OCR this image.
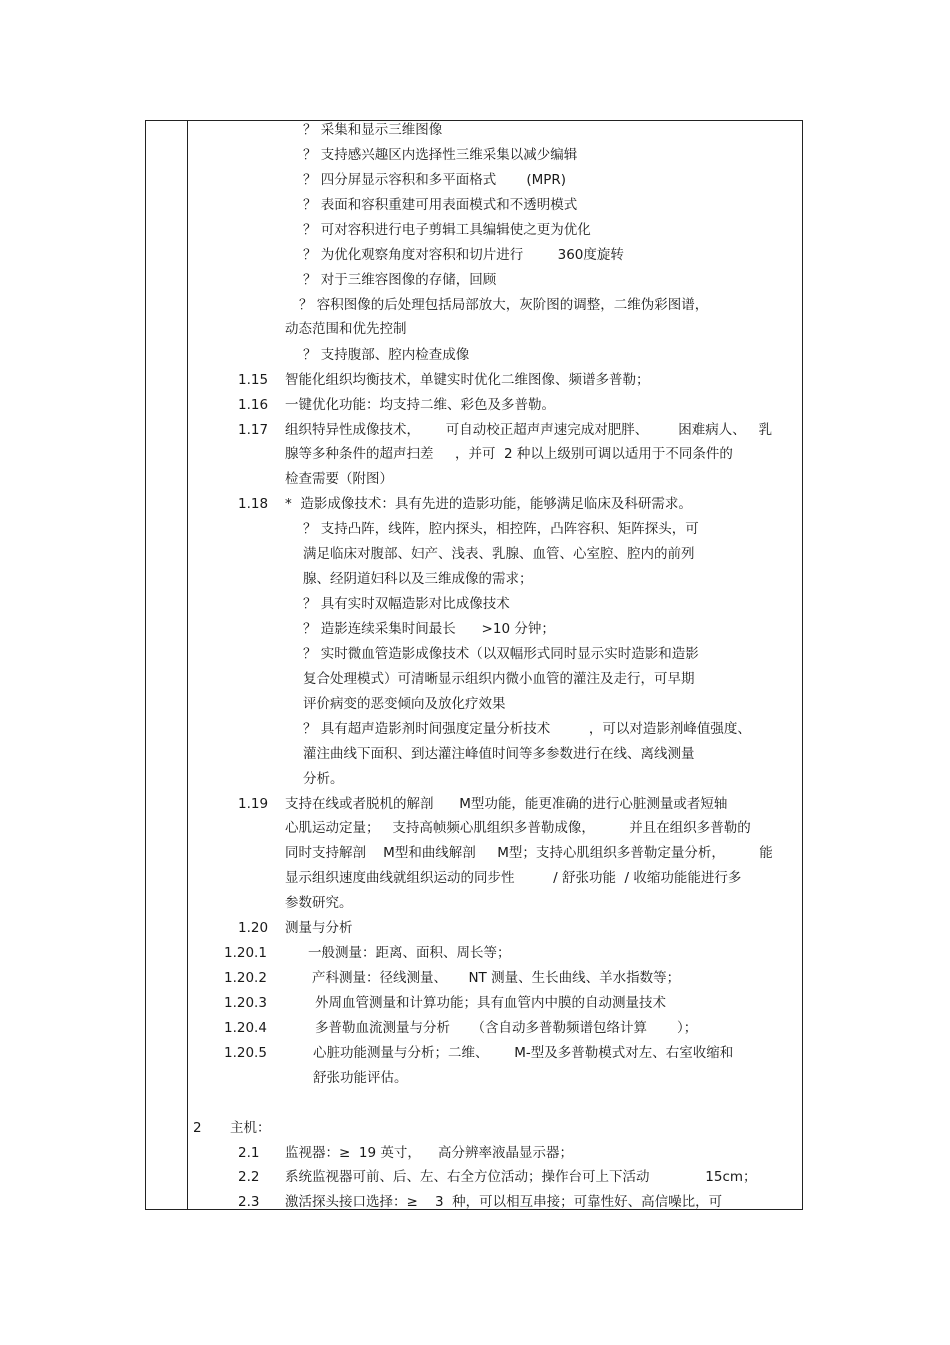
？ 采集和显示三维图像
？ 支持感兴趣区内选择性三维采集以减少编辑
？ 四分屏显示容积和多平面格式       (MPR)
？ 表面和容积重建可用表面模式和不透明模式
？ 可对容积进行电子剪辑工具编辑使之更为优化
？ 为优化观察角度对容积和切片进行        360度旋转
？ 对于三维容图像的存储，回顾
？ 容积图像的后处理包括局部放大，灰阶图的调整，二维伪彩图谱，
动态范围和优先控制
？ 支持腹部、腔内检查成像
智能化组织均衡技术，单键实时优化二维图像、频谱多普勒；
一键优化功能：均支持二维、彩色及多普勒。
组织特异性成像技术，      可自动校正超声声速完成对肥胖、       困难病人、   乳
腺等多种条件的超声扫差     ，并可  2 种以上级别可调以适用于不同条件的
检查需要（附图）
*  造影成像技术：具有先进的造影功能，能够满足临床及科研需求。
？ 支持凸阵，线阵，腔内探头，相控阵，凸阵容积、矩阵探头，可
满足临床对腹部、妇产、浅表、乳腺、血管、心室腔、腔内的前列
腺、经阴道妇科以及三维成像的需求；
？ 具有实时双幅造影对比成像技术
？ 造影连续采集时间最长      >10 分钟；
？ 实时微血管造影成像技术（以双幅形式同时显示实时造影和造影
复合处理模式）可清晰显示组织内微小血管的灌注及走行，可早期
评价病变的恶变倾向及放化疗效果
？ 具有超声造影剂时间强度定量分析技术         ，可以对造影剂峰值强度、
灌注曲线下面积、到达灌注峰值时间等多参数进行在线、离线测量
分析。
支持在线或者脱机的解剖      M型功能，能更准确的进行心脏测量或者短轴
心肌运动定量；   支持高帧频心肌组织多普勒成像，        并且在组织多普勒的
同时支持解剖    M型和曲线解剖     M型；支持心肌组织多普勒定量分析，        能
显示组织速度曲线就组织运动的同步性         / 舒张功能  / 收缩功能能进行多
参数研究。
测量与分析
一般测量：距离、面积、周长等；
产科测量：径线测量、     NT 测量、生长曲线、羊水指数等；
外周血管测量和计算功能；具有血管内中膜的自动测量技术
多普勒血流测量与分析     （含自动多普勒频谱包络计算       ）；
心脏功能测量与分析；二维、      M-型及多普勒模式对左、右室收缩和
舒张功能评估。
主机：
监视器：≥  19 英寸，    高分辨率液晶显示器；
系统监视器可前、后、左、右全方位活动；操作台可上下活动             15cm；
激活探头接口选择：≥    3  种，可以相互串接；可靠性好、高信噪比，可
1.15
1.16
1.17
1.18
1.19
1.20
1.20.1
1.20.2
1.20.3
1.20.4
1.20.5
2
2.1
2.2
2.3
